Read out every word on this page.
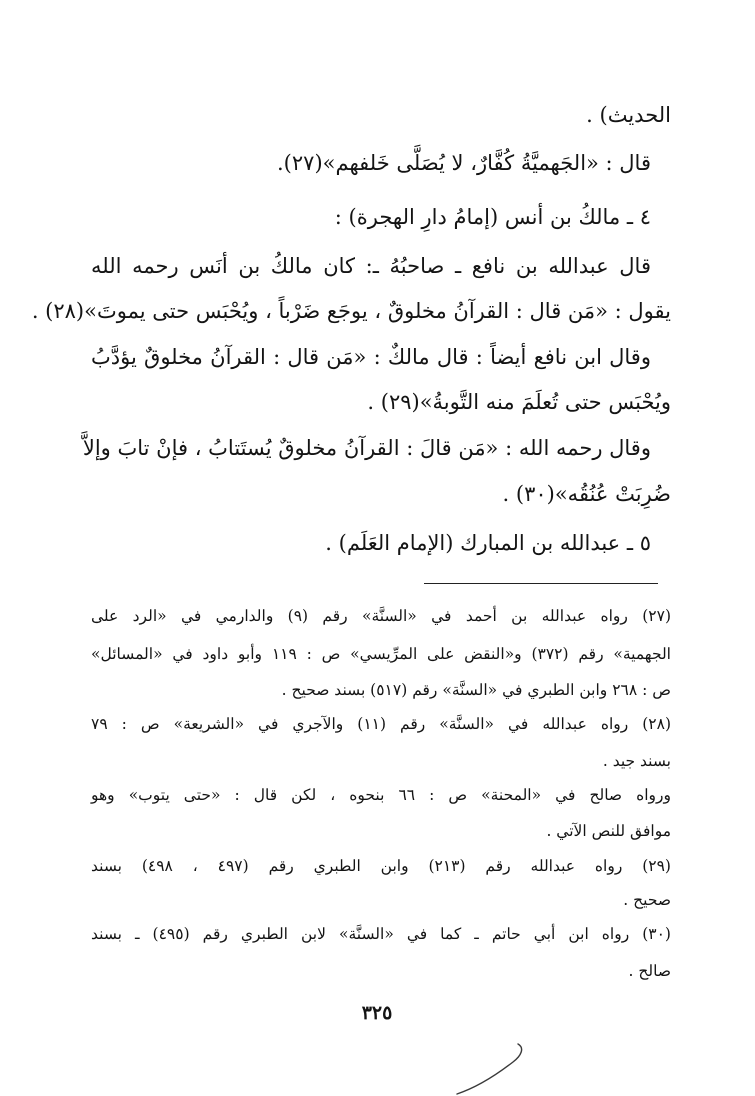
الحديث) .

قال : «الجَهميَّةُ كُفَّارٌ، لا يُصَلَّى خَلفهم»(٢٧).

٤ ـ مالكُ بن أنس (إمامُ دارِ الهجرة) :

قال عبدالله بن نافع ـ صاحبُهُ ـ: كان مالكُ بن أنَس رحمه الله

يقول : «مَن قال : القرآنُ مخلوقٌ ، يوجَع ضَرْباً ، ويُحْبَس حتى يموتَ»(٢٨) .

وقال ابن نافع أيضاً : قال مالكٌ : «مَن قال : القرآنُ مخلوقٌ يؤدَّبُ

ويُحْبَس حتى تُعلَمَ منه التَّوبةُ»(٢٩) .

وقال رحمه الله : «مَن قالَ : القرآنُ مخلوقٌ يُستَتابُ ، فإنْ تابَ وإلاَّ

ضُرِبَتْ عُنُقُه»(٣٠) .

٥ ـ عبدالله بن المبارك (الإمام العَلَم) .

(٢٧) رواه عبدالله بن أحمد في «السنَّة» رقم (٩) والدارمي في «الرد على

الجهمية» رقم (٣٧٢) و«النقض على المرِّيسي» ص : ١١٩ وأبو داود في «المسائل»

ص : ٢٦٨ وابن الطبري في «السنَّة» رقم (٥١٧) بسند صحيح .

(٢٨) رواه عبدالله في «السنَّة» رقم (١١) والآجري في «الشريعة» ص : ٧٩

بسند جيد .

ورواه صالح في «المحنة» ص : ٦٦ بنحوه ، لكن قال : «حتى يتوب» وهو

موافق للنص الآتي .

(٢٩) رواه عبدالله رقم (٢١٣) وابن الطبري رقم (٤٩٧ ، ٤٩٨) بسند

صحيح .

(٣٠) رواه ابن أبي حاتم ـ كما في «السنَّة» لابن الطبري رقم (٤٩٥) ـ بسند

صالح .

٣٢٥
